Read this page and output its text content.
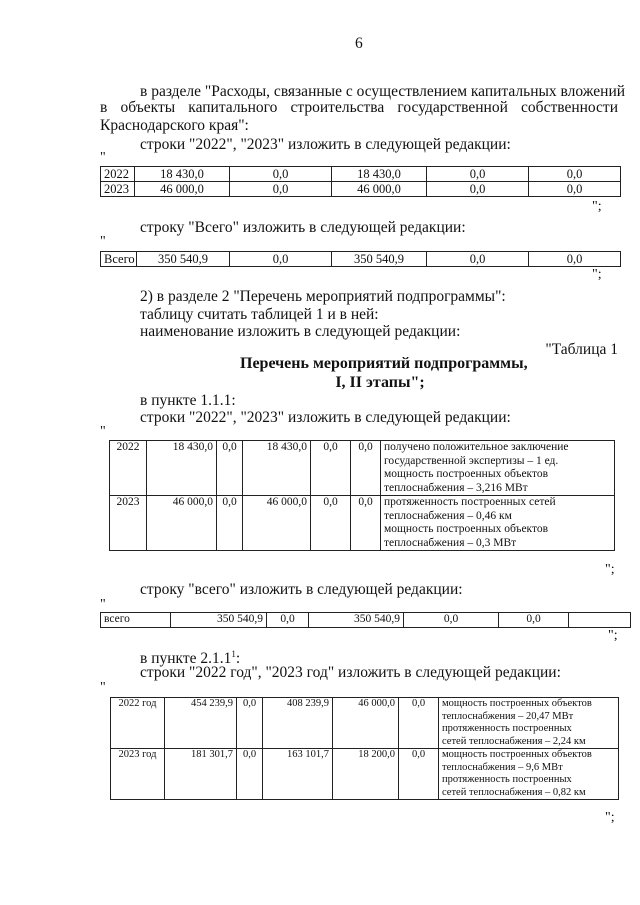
6
в разделе "Расходы, связанные с осуществлением капитальных вложений
в объекты капитального строительства государственной собственности
Краснодарского края":
строки "2022", "2023" изложить в следующей редакции:
"
2022	18 430,0	0,0	18 430,0	0,0	0,0
2023	46 000,0	0,0	46 000,0	0,0	0,0
";
строку "Всего" изложить в следующей редакции:
"
Всего	350 540,9	0,0	350 540,9	0,0	0,0
";
2) в разделе 2 "Перечень мероприятий подпрограммы":
таблицу считать таблицей 1 и в ней:
наименование изложить в следующей редакции:
"Таблица 1
Перечень мероприятий подпрограммы,
I, II этапы";
в пункте 1.1.1:
строки "2022", "2023" изложить в следующей редакции:
"
2022	18 430,0	0,0	18 430,0	0,0	0,0	получено положительное заключение
государственной экспертизы – 1 ед.
мощность построенных объектов
теплоснабжения – 3,216 МВт

2023	46 000,0	0,0	46 000,0	0,0	0,0	протяженность построенных сетей
теплоснабжения – 0,46 км
мощность построенных объектов
теплоснабжения – 0,3 МВт
";
строку "всего" изложить в следующей редакции:
"
всего	350 540,9	0,0	350 540,9	0,0	0,0	
";
в пункте 2.1.1$^1$:
строки "2022 год", "2023 год" изложить в следующей редакции:
"
2022 год	454 239,9	0,0	408 239,9	46 000,0	0,0	мощность построенных объектов
теплоснабжения – 20,47 МВт
протяженность построенных
сетей теплоснабжения – 2,24 км

2023 год	181 301,7	0,0	163 101,7	18 200,0	0,0	мощность построенных объектов
теплоснабжения – 9,6 МВт
протяженность построенных
сетей теплоснабжения – 0,82 км
";
